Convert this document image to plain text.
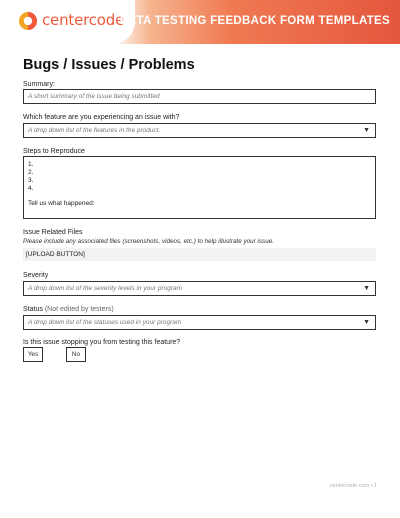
centercode
BETA TESTING FEEDBACK FORM TEMPLATES
Bugs / Issues / Problems
Summary:
A short summary of the issue being submitted
Which feature are you experiencing an issue with?
A drop down list of the features in the product.	▼
Steps to Reproduce
1.
2.
3.
4.
Tell us what happened:
Issue Related Files
Please include any associated files (screenshots, videos, etc.) to help illustrate your issue.
[UPLOAD BUTTON]
Severity
A drop down list of the severity levels in your program	▼
Status (Not edited by testers)
A drop down list of the statuses used in your program	▼
Is this issue stopping you from testing this feature?
Yes	No
centercode.com • 1
